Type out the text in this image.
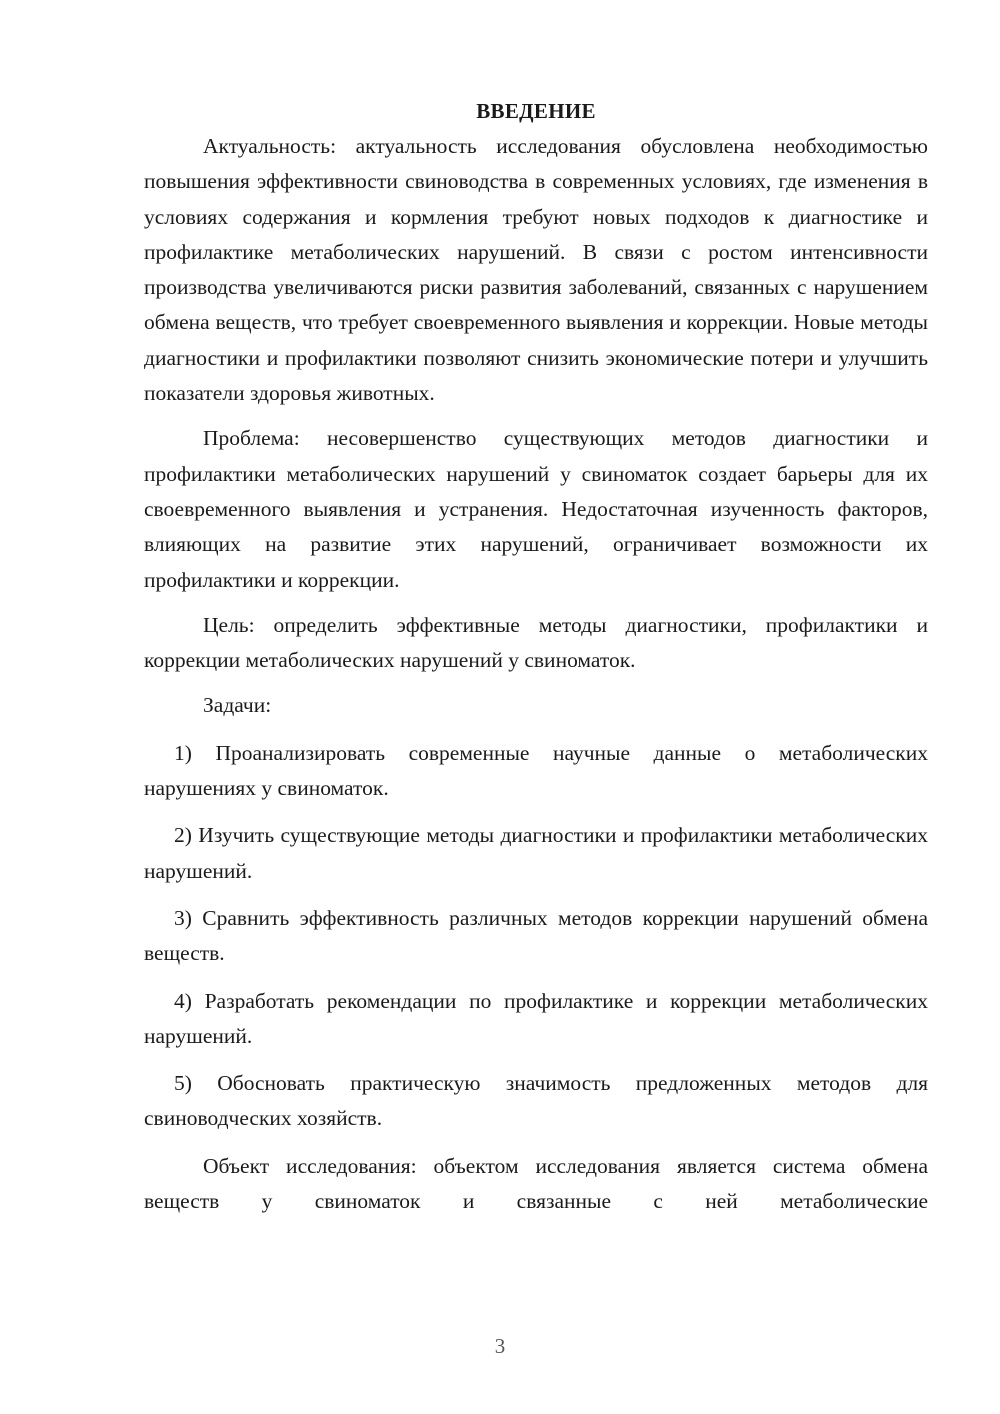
ВВЕДЕНИЕ

Актуальность: актуальность исследования обусловлена необходимостью повышения эффективности свиноводства в современных условиях, где изменения в условиях содержания и кормления требуют новых подходов к диагностике и профилактике метаболических нарушений. В связи с ростом интенсивности производства увеличиваются риски развития заболеваний, связанных с нарушением обмена веществ, что требует своевременного выявления и коррекции. Новые методы диагностики и профилактики позволяют снизить экономические потери и улучшить показатели здоровья животных.

Проблема: несовершенство существующих методов диагностики и профилактики метаболических нарушений у свиноматок создает барьеры для их своевременного выявления и устранения. Недостаточная изученность факторов, влияющих на развитие этих нарушений, ограничивает возможности их профилактики и коррекции.

Цель: определить эффективные методы диагностики, профилактики и коррекции метаболических нарушений у свиноматок.

Задачи:

1) Проанализировать современные научные данные о метаболических нарушениях у свиноматок.

2) Изучить существующие методы диагностики и профилактики метаболических нарушений.

3) Сравнить эффективность различных методов коррекции нарушений обмена веществ.

4) Разработать рекомендации по профилактике и коррекции метаболических нарушений.

5) Обосновать практическую значимость предложенных методов для свиноводческих хозяйств.

Объект исследования: объектом исследования является система обмена веществ у свиноматок и связанные с ней метаболические

3
